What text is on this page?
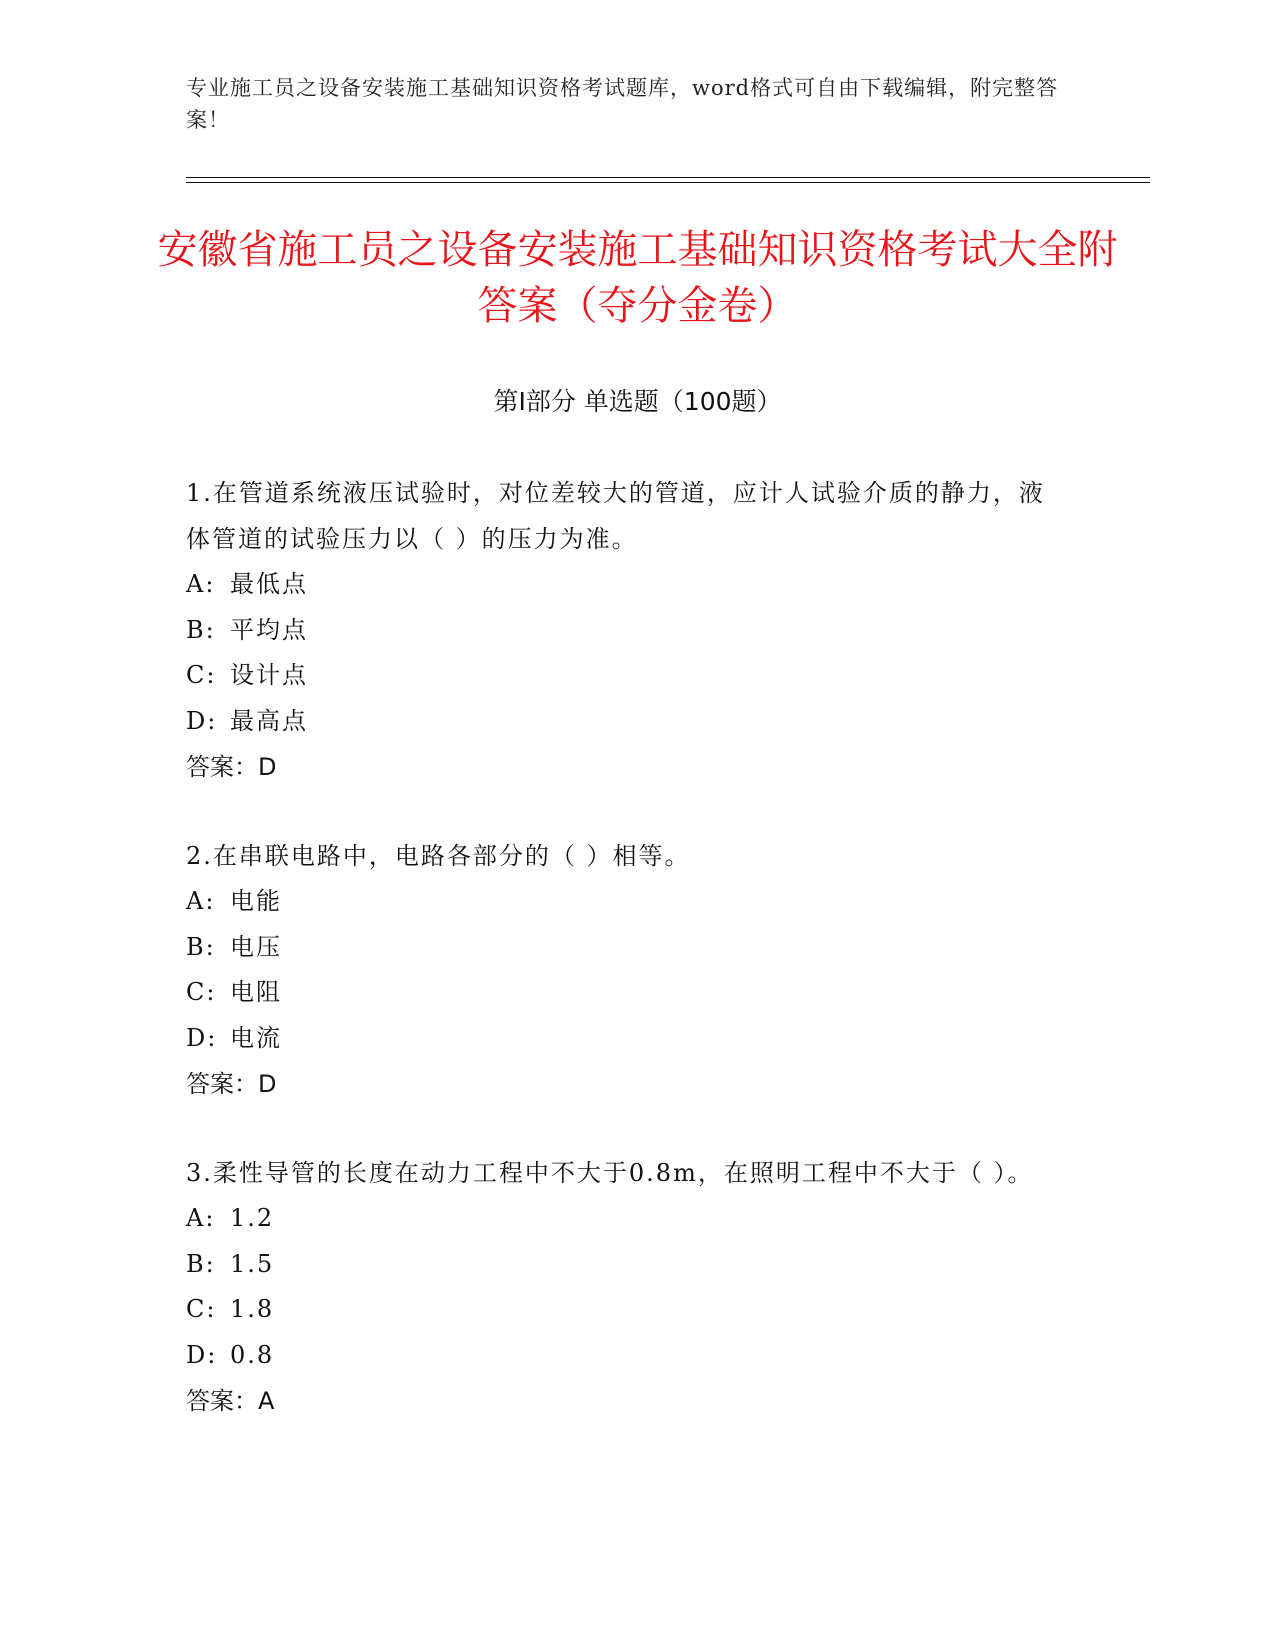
专业施工员之设备安装施工基础知识资格考试题库，word格式可自由下载编辑，附完整答案！
安徽省施工员之设备安装施工基础知识资格考试大全附答案（夺分金卷）
第Ⅰ部分 单选题（100题）

1.在管道系统液压试验时，对位差较大的管道，应计人试验介质的静力，液体管道的试验压力以（ ）的压力为准。

A: 最低点

B: 平均点

C: 设计点

D: 最高点

答案：D

2.在串联电路中，电路各部分的（ ）相等。

A: 电能

B: 电压

C: 电阻

D: 电流

答案：D

3.柔性导管的长度在动力工程中不大于0.8m，在照明工程中不大于（ ）。

A: 1.2

B: 1.5

C: 1.8

D: 0.8

答案：A
